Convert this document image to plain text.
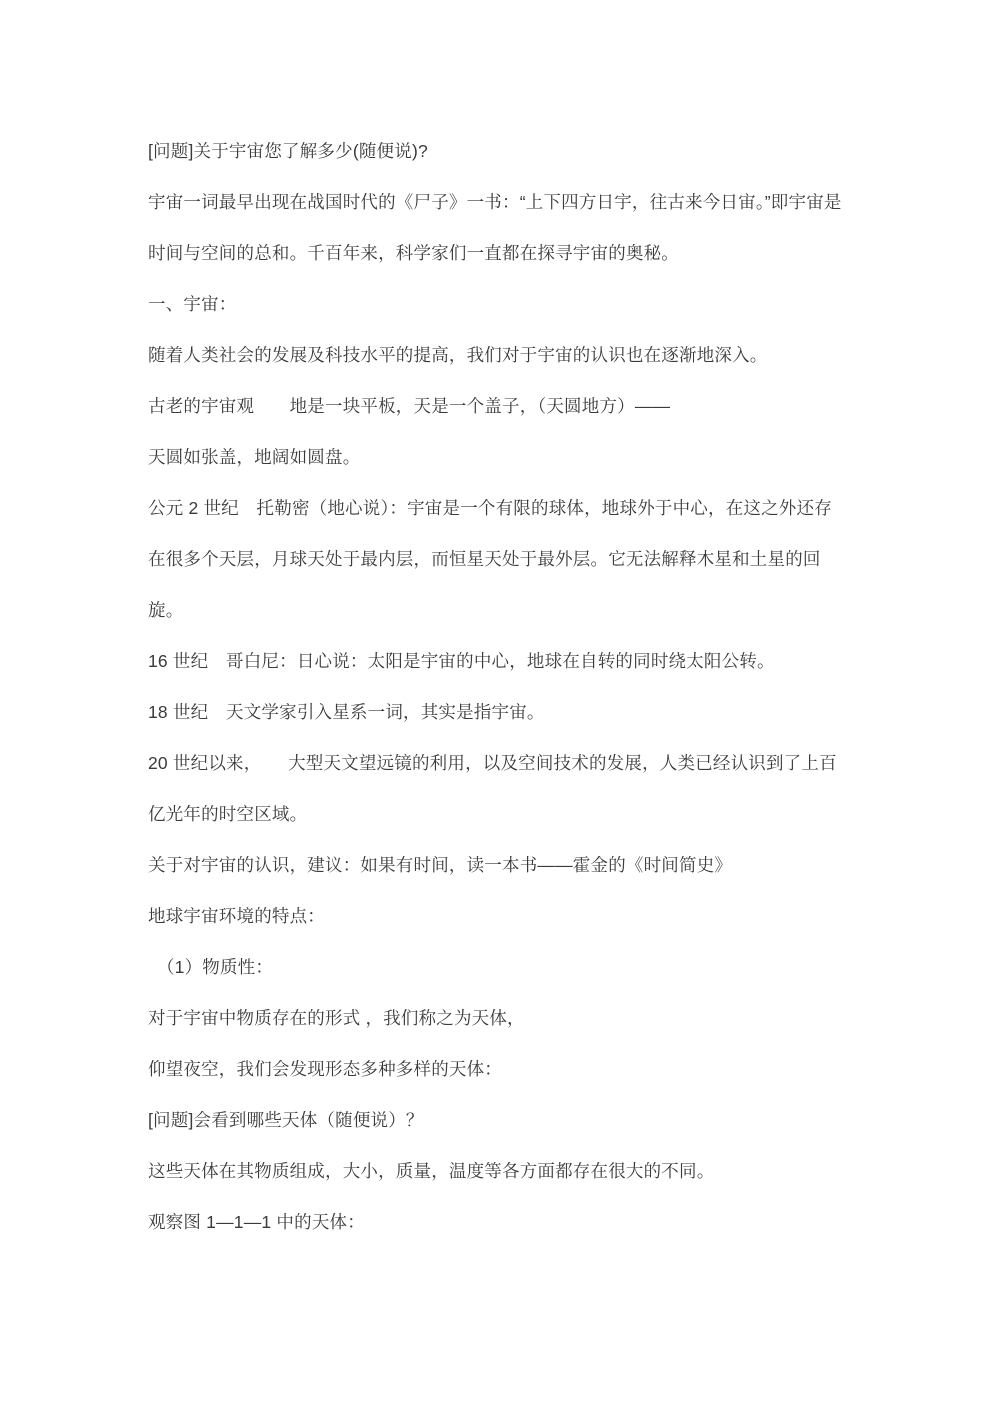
[问题]关于宇宙您了解多少(随便说)?

宇宙一词最早出现在战国时代的《尸子》一书：“上下四方日宇，往古来今日宙。”即宇宙是时间与空间的总和。千百年来，科学家们一直都在探寻宇宙的奥秘。

一、宇宙：

随着人类社会的发展及科技水平的提高，我们对于宇宙的认识也在逐渐地深入。

古老的宇宙观　　地是一块平板，天是一个盖子，（天圆地方）——

天圆如张盖，地阔如圆盘。

公元 2 世纪　托勒密（地心说）：宇宙是一个有限的球体，地球外于中心，在这之外还存在很多个天层，月球天处于最内层，而恒星天处于最外层。它无法解释木星和土星的回旋。

16 世纪　哥白尼：日心说：太阳是宇宙的中心，地球在自转的同时绕太阳公转。

18 世纪　天文学家引入星系一词，其实是指宇宙。

20 世纪以来，　　大型天文望远镜的利用，以及空间技术的发展，人类已经认识到了上百亿光年的时空区域。

关于对宇宙的认识，建议：如果有时间，读一本书——霍金的《时间简史》

地球宇宙环境的特点：

　（1）物质性：

对于宇宙中物质存在的形式 ，我们称之为天体，

仰望夜空，我们会发现形态多种多样的天体：

[问题]会看到哪些天体（随便说）？

这些天体在其物质组成，大小，质量，温度等各方面都存在很大的不同。

观察图 1—1—1 中的天体：
